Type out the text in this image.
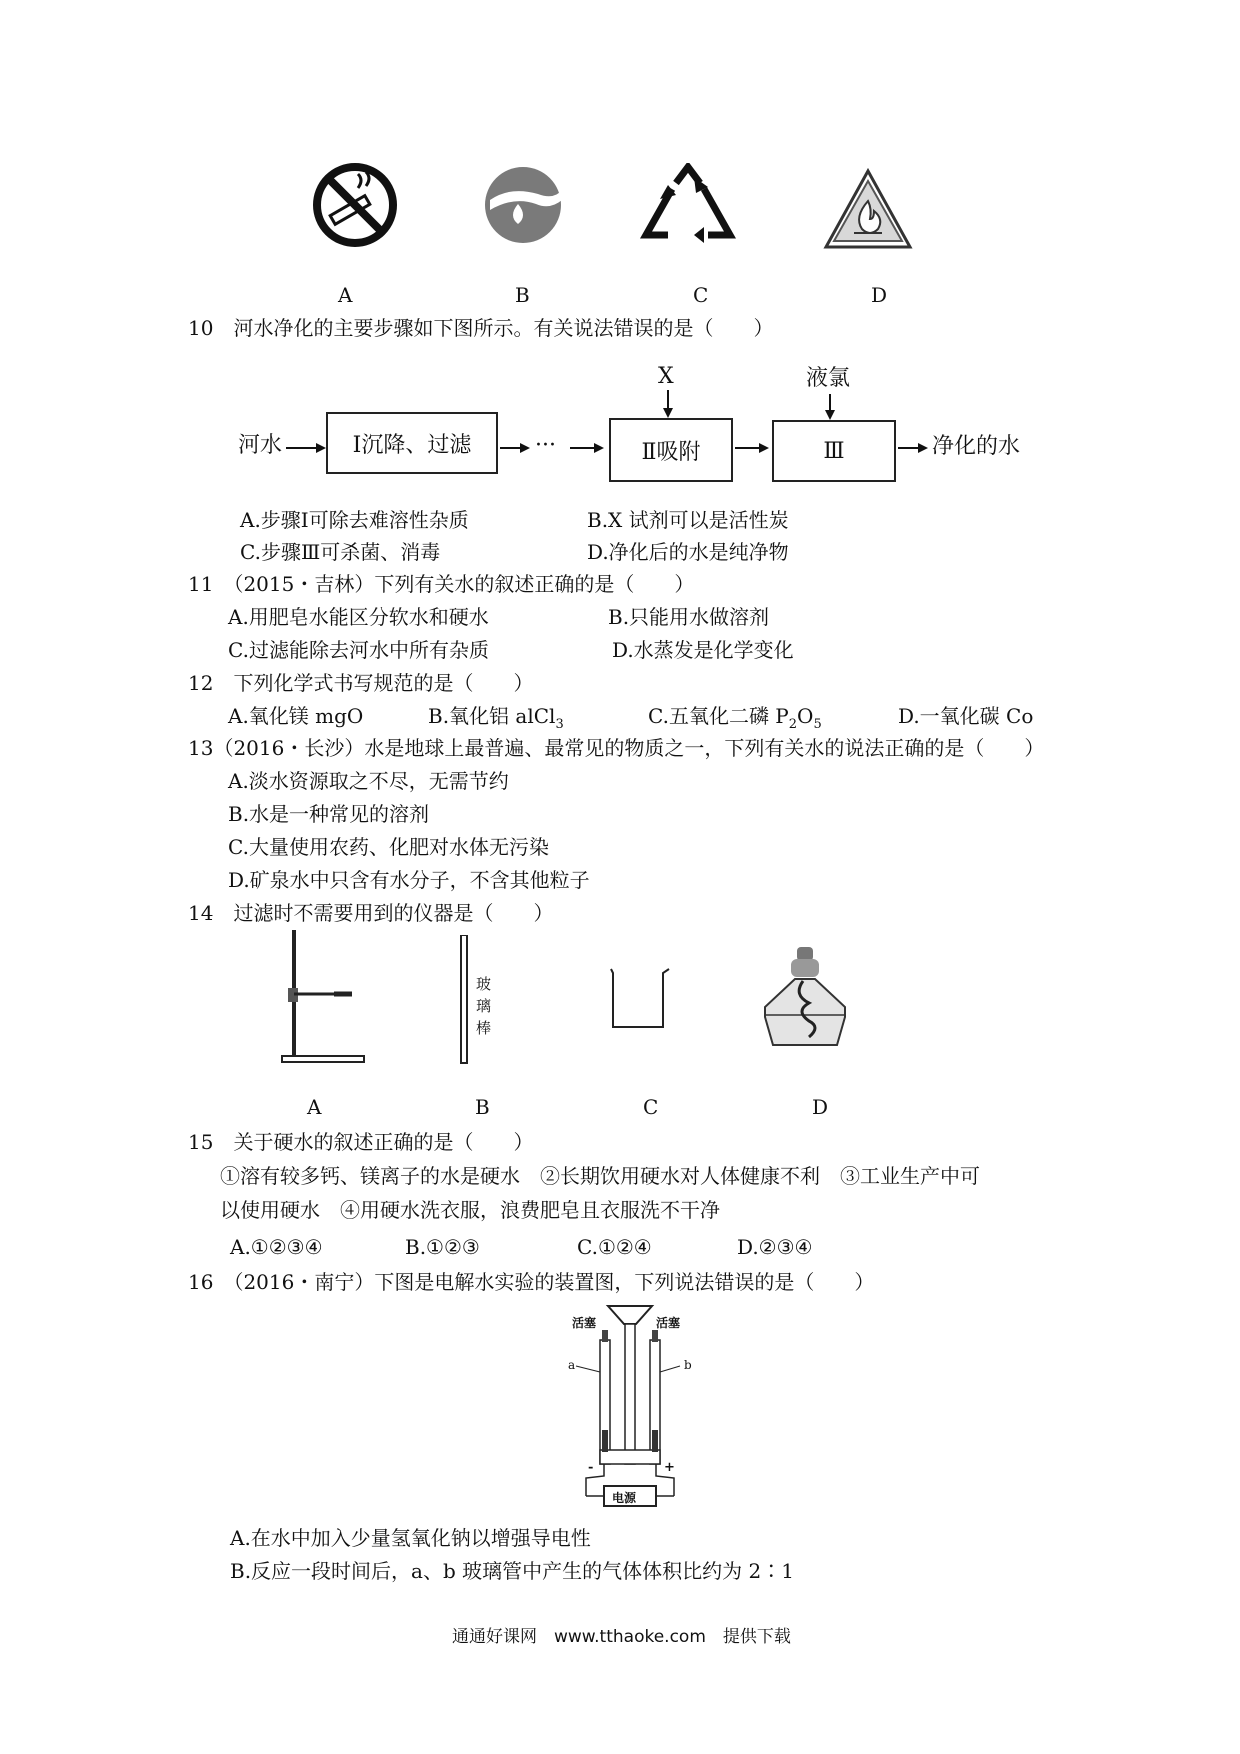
A	B	C	D
10　河水净化的主要步骤如下图所示。有关说法错误的是（　　）
河水	Ⅰ沉降、过滤	···
X
Ⅱ吸附
液氯
Ⅲ	净化的水
A.步骤Ⅰ可除去难溶性杂质	B.X 试剂可以是活性炭
C.步骤Ⅲ可杀菌、消毒	D.净化后的水是纯净物
11　（2015・吉林）下列有关水的叙述正确的是（　　）
A.用肥皂水能区分软水和硬水	B.只能用水做溶剂
C.过滤能除去河水中所有杂质	D.水蒸发是化学变化
12　下列化学式书写规范的是（　　）
A.氧化镁 mgO	B.氧化铝 alCl$_3$	C.五氧化二磷 $P_2O_5$	D.一氧化碳 Co
13（2016・长沙）水是地球上最普遍、最常见的物质之一，下列有关水的说法正确的是（　　）
A.淡水资源取之不尽，无需节约
B.水是一种常见的溶剂
C.大量使用农药、化肥对水体无污染
D.矿泉水中只含有水分子，不含其他粒子
14　过滤时不需要用到的仪器是（　　）
玻
璃
棒
A	B	C	D
15　关于硬水的叙述正确的是（　　）
①溶有较多钙、镁离子的水是硬水　②长期饮用硬水对人体健康不利　③工业生产中可
以使用硬水　④用硬水洗衣服，浪费肥皂且衣服洗不干净
A.①②③④	B.①②③	C.①②④	D.②③④
16　（2016・南宁）下图是电解水实验的装置图，下列说法错误的是（　　）
活塞	活塞
a	b
-	+
电源
A.在水中加入少量氢氧化钠以增强导电性
B.反应一段时间后，a、b 玻璃管中产生的气体体积比约为 2∶1
通通好课网　www.tthaoke.com　提供下载
